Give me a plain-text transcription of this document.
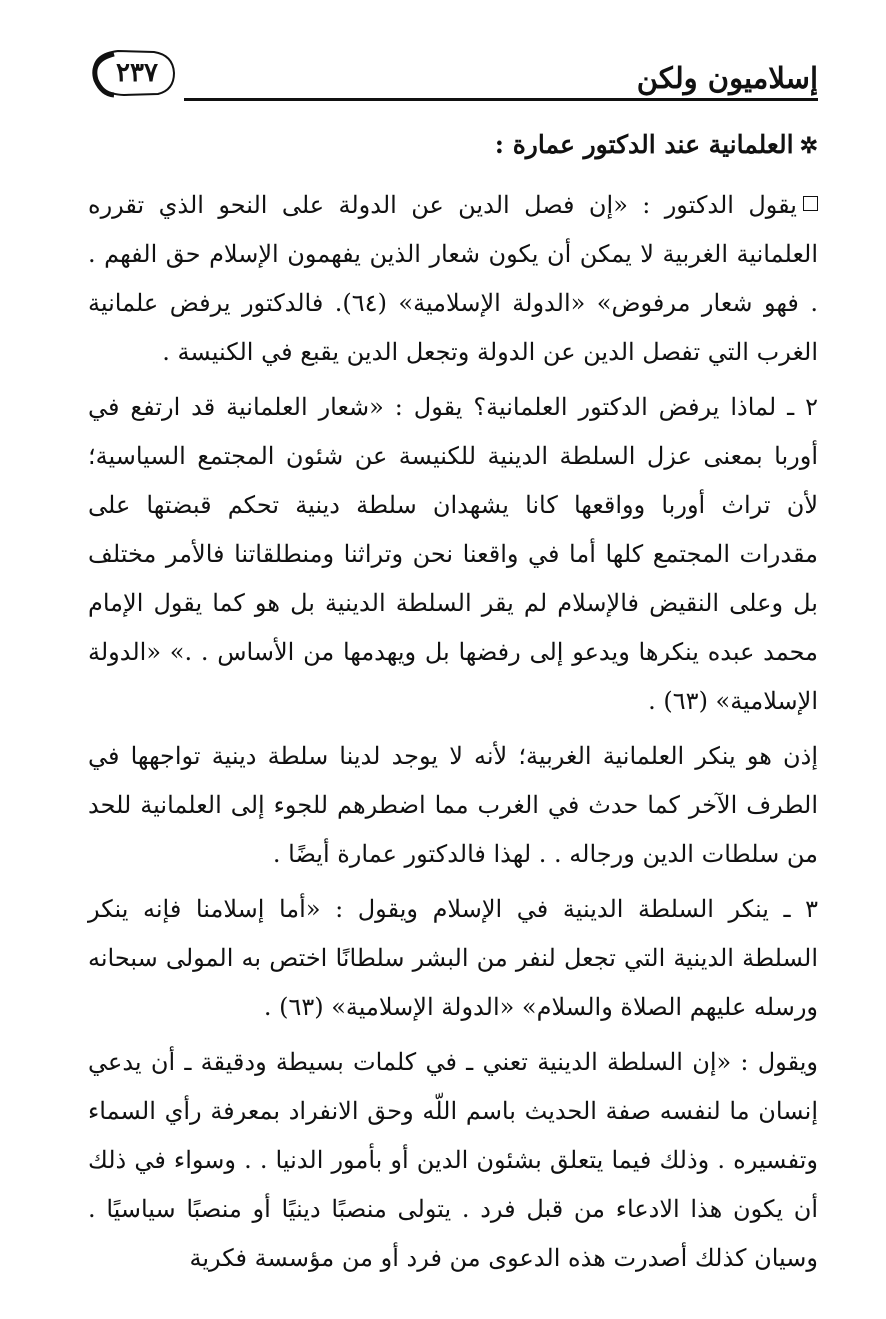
إسلاميون ولكن
٢٣٧

✲العلمانية عند الدكتور عمارة :

يقول الدكتور : «إن فصل الدين عن الدولة على النحو الذي تقرره العلمانية الغربية لا يمكن أن يكون شعار الذين يفهمون الإسلام حق الفهم . . فهو شعار مرفوض» «الدولة الإسلامية» (٦٤). فالدكتور يرفض علمانية الغرب التي تفصل الدين عن الدولة وتجعل الدين يقبع في الكنيسة .

٢ ـ لماذا يرفض الدكتور العلمانية؟ يقول : «شعار العلمانية قد ارتفع في أوربا بمعنى عزل السلطة الدينية للكنيسة عن شئون المجتمع السياسية؛ لأن تراث أوربا وواقعها كانا يشهدان سلطة دينية تحكم قبضتها على مقدرات المجتمع كلها أما في واقعنا نحن وتراثنا ومنطلقاتنا فالأمر مختلف بل وعلى النقيض فالإسلام لم يقر السلطة الدينية بل هو كما يقول الإمام محمد عبده ينكرها ويدعو إلى رفضها بل ويهدمها من الأساس . .» «الدولة الإسلامية» (٦٣) .

إذن هو ينكر العلمانية الغربية؛ لأنه لا يوجد لدينا سلطة دينية تواجهها في الطرف الآخر كما حدث في الغرب مما اضطرهم للجوء إلى العلمانية للحد من سلطات الدين ورجاله . . لهذا فالدكتور عمارة أيضًا .

٣ ـ ينكر السلطة الدينية في الإسلام ويقول : «أما إسلامنا فإنه ينكر السلطة الدينية التي تجعل لنفر من البشر سلطانًا اختص به المولى سبحانه ورسله عليهم الصلاة والسلام» «الدولة الإسلامية» (٦٣) .

ويقول : «إن السلطة الدينية تعني ـ في كلمات بسيطة ودقيقة ـ أن يدعي إنسان ما لنفسه صفة الحديث باسم اللّه وحق الانفراد بمعرفة رأي السماء وتفسيره . وذلك فيما يتعلق بشئون الدين أو بأمور الدنيا . . وسواء في ذلك أن يكون هذا الادعاء من قبل فرد . يتولى منصبًا دينيًا أو منصبًا سياسيًا . وسيان كذلك أصدرت هذه الدعوى من فرد أو من مؤسسة فكرية
